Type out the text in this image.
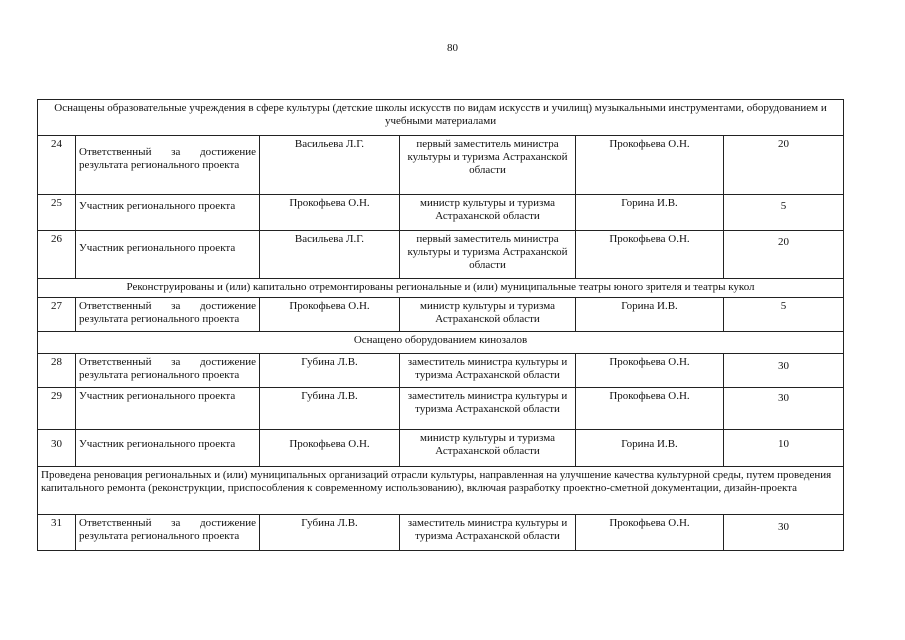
80
Оснащены образовательные учреждения в сфере культуры (детские школы искусств по видам искусств и училищ) музыкальными инструментами, оборудованием и учебными материалами					
24	Ответственный за достижение результата регионального проекта	Васильева Л.Г.	первый заместитель министра культуры и туризма Астраханской области	Прокофьева О.Н.	20
25	Участник регионального проекта	Прокофьева О.Н.	министр культуры и туризма Астраханской области	Горина И.В.	5
26	Участник регионального проекта	Васильева Л.Г.	первый заместитель министра культуры и туризма Астраханской области	Прокофьева О.Н.	20
Реконструированы и (или) капитально отремонтированы региональные и (или) муниципальные театры юного зрителя и театры кукол					
27	Ответственный за достижение результата регионального проекта	Прокофьева О.Н.	министр культуры и туризма Астраханской области	Горина И.В.	5
Оснащено оборудованием кинозалов					
28	Ответственный за достижение результата регионального проекта	Губина Л.В.	заместитель министра культуры и туризма Астраханской области	Прокофьева О.Н.	30
29	Участник регионального проекта	Губина Л.В.	заместитель министра культуры и туризма Астраханской области	Прокофьева О.Н.	30
30	Участник регионального проекта	Прокофьева О.Н.	министр культуры и туризма Астраханской области	Горина И.В.	10
Проведена реновация региональных и (или) муниципальных организаций отрасли культуры, направленная на улучшение качества культурной среды, путем проведения капитального ремонта (реконструкции, приспособления к современному использованию), включая разработку проектно-сметной документации, дизайн-проекта					
31	Ответственный за достижение результата регионального проекта	Губина Л.В.	заместитель министра культуры и туризма Астраханской области	Прокофьева О.Н.	30
